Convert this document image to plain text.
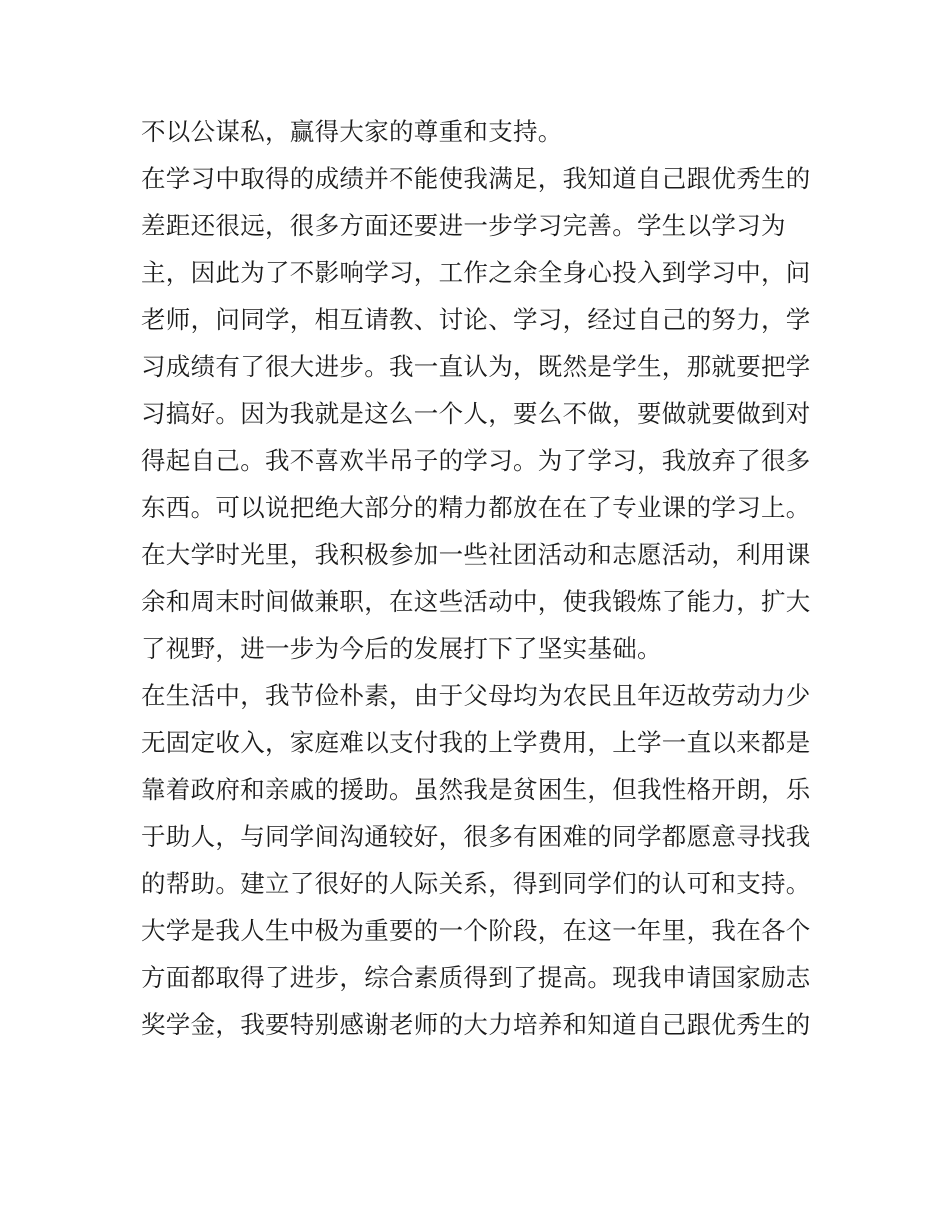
不以公谋私，赢得大家的尊重和支持。
在学习中取得的成绩并不能使我满足，我知道自己跟优秀生的
差距还很远，很多方面还要进一步学习完善。学生以学习为
主，因此为了不影响学习，工作之余全身心投入到学习中，问
老师，问同学，相互请教、讨论、学习，经过自己的努力，学
习成绩有了很大进步。我一直认为，既然是学生，那就要把学
习搞好。因为我就是这么一个人，要么不做，要做就要做到对
得起自己。我不喜欢半吊子的学习。为了学习，我放弃了很多
东西。可以说把绝大部分的精力都放在在了专业课的学习上。
在大学时光里，我积极参加一些社团活动和志愿活动，利用课
余和周末时间做兼职，在这些活动中，使我锻炼了能力，扩大
了视野，进一步为今后的发展打下了坚实基础。
在生活中，我节俭朴素，由于父母均为农民且年迈故劳动力少
无固定收入，家庭难以支付我的上学费用，上学一直以来都是
靠着政府和亲戚的援助。虽然我是贫困生，但我性格开朗，乐
于助人，与同学间沟通较好，很多有困难的同学都愿意寻找我
的帮助。建立了很好的人际关系，得到同学们的认可和支持。
大学是我人生中极为重要的一个阶段，在这一年里，我在各个
方面都取得了进步，综合素质得到了提高。现我申请国家励志
奖学金，我要特别感谢老师的大力培养和知道自己跟优秀生的
